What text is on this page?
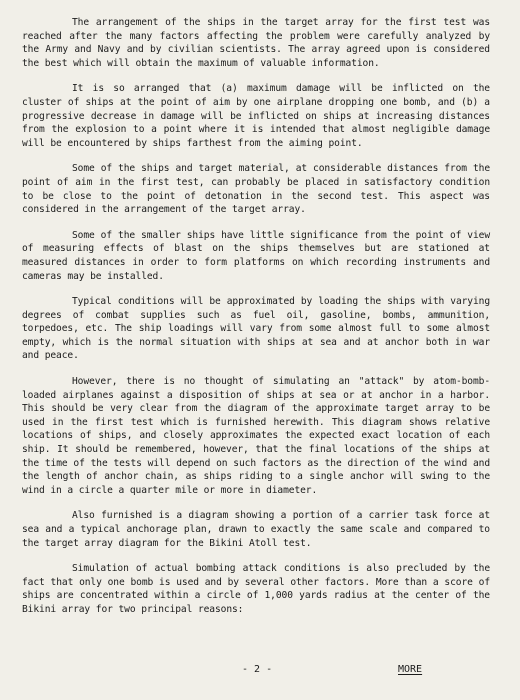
The arrangement of the ships in the target array for the first test was reached after the many factors affecting the problem were carefully analyzed by the Army and Navy and by civilian scientists. The array agreed upon is considered the best which will obtain the maximum of valuable information.

It is so arranged that (a) maximum damage will be inflicted on the cluster of ships at the point of aim by one airplane dropping one bomb, and (b) a progressive decrease in damage will be inflicted on ships at increasing distances from the explosion to a point where it is intended that almost negligible damage will be encountered by ships farthest from the aiming point.

Some of the ships and target material, at considerable distances from the point of aim in the first test, can probably be placed in satisfactory condition to be close to the point of detonation in the second test. This aspect was considered in the arrangement of the target array.

Some of the smaller ships have little significance from the point of view of measuring effects of blast on the ships themselves but are stationed at measured distances in order to form platforms on which recording instruments and cameras may be installed.

Typical conditions will be approximated by loading the ships with varying degrees of combat supplies such as fuel oil, gasoline, bombs, ammunition, torpedoes, etc. The ship loadings will vary from some almost full to some almost empty, which is the normal situation with ships at sea and at anchor both in war and peace.

However, there is no thought of simulating an "attack" by atom-bomb-loaded airplanes against a disposition of ships at sea or at anchor in a harbor. This should be very clear from the diagram of the approximate target array to be used in the first test which is furnished herewith. This diagram shows relative locations of ships, and closely approximates the expected exact location of each ship. It should be remembered, however, that the final locations of the ships at the time of the tests will depend on such factors as the direction of the wind and the length of anchor chain, as ships riding to a single anchor will swing to the wind in a circle a quarter mile or more in diameter.

Also furnished is a diagram showing a portion of a carrier task force at sea and a typical anchorage plan, drawn to exactly the same scale and compared to the target array diagram for the Bikini Atoll test.

Simulation of actual bombing attack conditions is also precluded by the fact that only one bomb is used and by several other factors. More than a score of ships are concentrated within a circle of 1,000 yards radius at the center of the Bikini array for two principal reasons:

- 2 -	MORE
